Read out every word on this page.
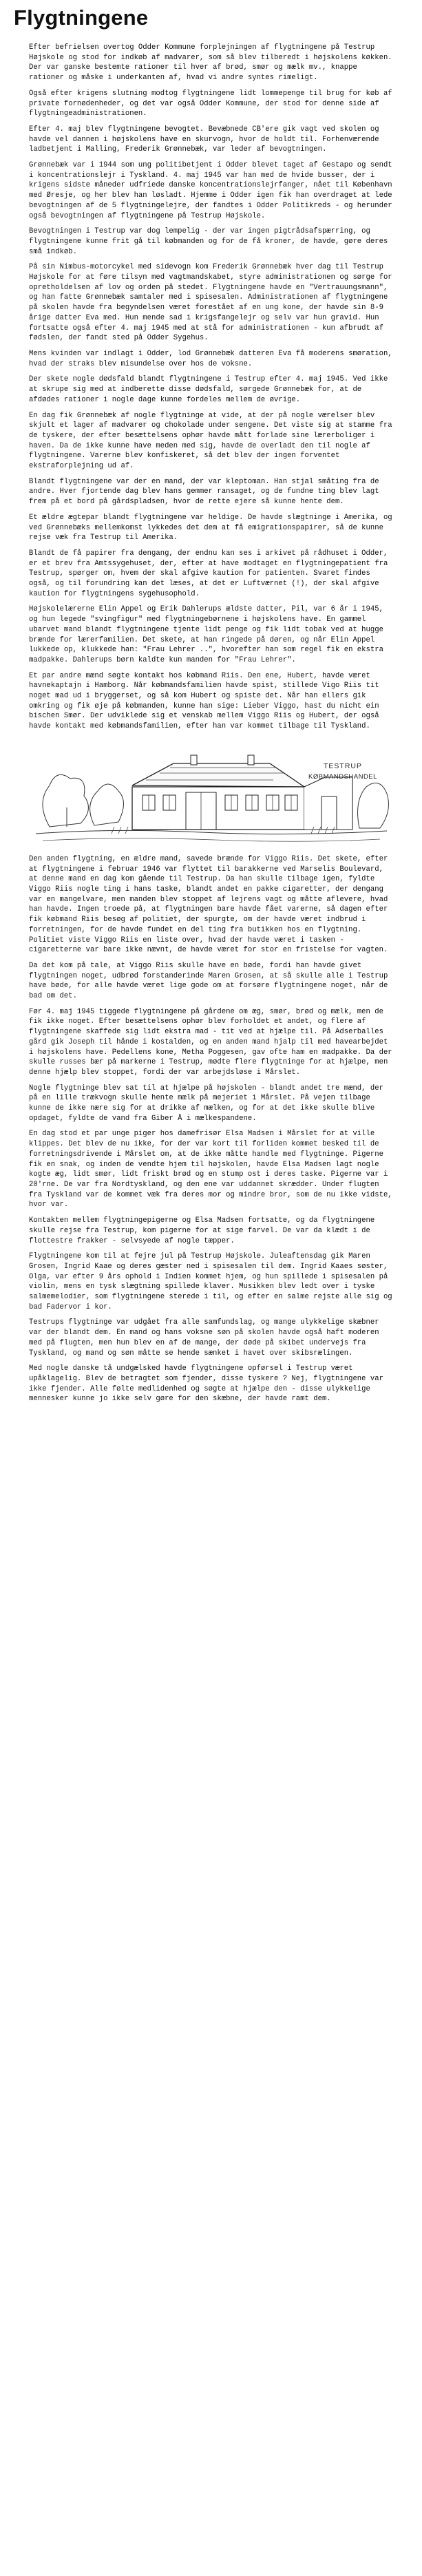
Flygtningene

Efter befrielsen overtog Odder Kommune forplejningen af flygtningene på Testrup Højskole og stod for indkøb af madvarer, som så blev tilberedt i højskolens køkken. Der var ganske bestemte rationer til hver af brød, smør og mælk mv., knappe rationer og måske i underkanten af, hvad vi andre syntes rimeligt.

Også efter krigens slutning modtog flygtningene lidt lommepenge til brug for køb af private fornødenheder, og det var også Odder Kommune, der stod for denne side af flygtningeadministrationen.

Efter 4. maj blev flygtningene bevogtet. Bevæbnede CB'ere gik vagt ved skolen og havde vel dannen i højskolens have en skurvogn, hvor de holdt til. Forhenværende ladbetjent i Malling, Frederik Grønnebæk, var leder af bevogtningen.

Grønnebæk var i 1944 som ung politibetjent i Odder blevet taget af Gestapo og sendt i koncentrationslejr i Tyskland. 4. maj 1945 var han med de hvide busser, der i krigens sidste måneder udfriede danske koncentrationslejrfanger, nået til København med Øresje, og her blev han løsladt. Hjemme i Odder igen fik han overdraget at lede bevogtningen af de 5 flygtningelejre, der fandtes i Odder Politikreds - og herunder også bevogtningen af flygtningene på Testrup Højskole.

Bevogtningen i Testrup var dog lempelig - der var ingen pigtrådsafspærring, og flygtningene kunne frit gå til købmanden og for de få kroner, de havde, gøre deres små indkøb.

På sin Nimbus-motorcykel med sidevogn kom Frederik Grønnebæk hver dag til Testrup Højskole for at føre tilsyn med vagtmandskabet, styre administrationen og sørge for opretholdelsen af lov og orden på stedet. Flygtningene havde en "Vertrauungsmann", og han fatte Grønnebæk samtaler med i spisesalen. Administrationen af flygtningene på skolen havde fra begyndelsen været forestået af en ung kone, der havde sin 8-9 årige datter Eva med. Hun mende sad i krigsfangelejr og selv var hun gravid. Hun fortsatte også efter 4. maj 1945 med at stå for administrationen - kun afbrudt af fødslen, der fandt sted på Odder Sygehus.

Mens kvinden var indlagt i Odder, lod Grønnebæk datteren Eva få moderens smøration, hvad der straks blev misundelse over hos de voksne.

Der skete nogle dødsfald blandt flygtningene i Testrup efter 4. maj 1945. Ved ikke at skrupe sig med at indberette disse dødsfald, sørgede Grønnebæk for, at de afdødes rationer i nogle dage kunne fordeles mellem de øvrige.

En dag fik Grønnebæk af nogle flygtninge at vide, at der på nogle værelser blev skjult et lager af madvarer og chokolade under sengene. Det viste sig at stamme fra de tyskere, der efter besættelsens ophør havde mått forlade sine lærerboliger i haven. Da de ikke kunne have meden med sig, havde de overladt den til nogle af flygtningene. Varerne blev konfiskeret, så det blev der ingen forventet ekstraforplejning ud af.

Blandt flygtningene var der en mand, der var kleptoman. Han stjal småting fra de andre. Hver fjortende dag blev hans gemmer ransaget, og de fundne ting blev lagt frem på et bord på gårdspladsen, hvor de rette ejere så kunne hente dem.

Et ældre ægtepar blandt flygtningene var heldige. De havde slægtninge i Amerika, og ved Grønnebæks mellemkomst lykkedes det dem at få emigrationspapirer, så de kunne rejse væk fra Testrup til Amerika.

Blandt de få papirer fra dengang, der endnu kan ses i arkivet på rådhuset i Odder, er et brev fra Amtssygehuset, der, efter at have modtaget en flygtningepatient fra Testrup, spørger om, hvem der skal afgive kaution for patienten. Svaret findes også, og til forundring kan det læses, at det er Luftværnet (!), der skal afgive kaution for flygtningens sygehusophold.

Højskolelærerne Elin Appel og Erik Dahlerups ældste datter, Pil, var 6 år i 1945, og hun legede "svingfigur" med flygtningebørnene i højskolens have. En gammel ubarvet mand blandt flygtningene tjente lidt penge og fik lidt tobak ved at hugge brænde for lærerfamilien. Det skete, at han ringede på døren, og når Elin Appel lukkede op, klukkede han: "Frau Lehrer ..", hvorefter han som regel fik en ekstra madpakke. Dahlerups børn kaldte kun manden for "Frau Lehrer".

Et par andre mænd søgte kontakt hos købmand Riis. Den ene, Hubert, havde været havnekaptajn i Hamborg. Når købmandsfamilien havde spist, stillede Vigo Riis tit noget mad ud i bryggerset, og så kom Hubert og spiste det. Når han ellers gik omkring og fik øje på købmanden, kunne han sige: Lieber Viggo, hast du nicht ein bischen Smør. Der udviklede sig et venskab mellem Viggo Riis og Hubert, der også havde kontakt med købmandsfamilien, efter han var kommet tilbage til Tyskland.

TESTRUP
KØBMANDSHANDEL

Den anden flygtning, en ældre mand, savede brænde for Viggo Riis. Det skete, efter at flygtningene i februar 1946 var flyttet til barakkerne ved Marselis Boulevard, at denne mand en dag kom gående til Testrup. Da han skulle tilbage igen, fyldte Viggo Riis nogle ting i hans taske, blandt andet en pakke cigaretter, der dengang var en mangelvare, men manden blev stoppet af lejrens vagt og måtte aflevere, hvad han havde. Ingen troede på, at flygtningen bare havde fået varerne, så dagen efter fik købmand Riis besøg af politiet, der spurgte, om der havde været indbrud i forretningen, for de havde fundet en del ting fra butikken hos en flygtning. Politiet viste Viggo Riis en liste over, hvad der havde været i tasken - cigaretterne var bare ikke nævnt, de havde været for stor en fristelse for vagten.

Da det kom på tale, at Viggo Riis skulle have en bøde, fordi han havde givet flygtningen noget, udbrød forstanderinde Maren Grosen, at så skulle alle i Testrup have bøde, for alle havde været lige gode om at forsøre flygtningene noget, når de bad om det.

Før 4. maj 1945 tiggede flygtningene på gårdene om æg, smør, brød og mælk, men de fik ikke noget. Efter besættelsens ophør blev forholdet et andet, og flere af flygtningene skaffede sig lidt ekstra mad - tit ved at hjælpe til. På Adserballes gård gik Joseph til hånde i kostalden, og en anden mand hjalp til med havearbejdet i højskolens have. Pedellens kone, Metha Poggesen, gav ofte ham en madpakke. Da der skulle russes bær på markerne i Testrup, mødte flere flygtninge for at hjælpe, men denne hjælp blev stoppet, fordi der var arbejdsløse i Mårslet.

Nogle flygtninge blev sat til at hjælpe på højskolen - blandt andet tre mænd, der på en lille trækvogn skulle hente mælk på mejeriet i Mårslet. På vejen tilbage kunne de ikke nære sig for at drikke af mælken, og for at det ikke skulle blive opdaget, fyldte de vand fra Giber Å i mælkespandene.

En dag stod et par unge piger hos damefrisør Elsa Madsen i Mårslet for at ville klippes. Det blev de nu ikke, for der var kort til forliden kommet besked til de forretningsdrivende i Mårslet om, at de ikke måtte handle med flygtninge. Pigerne fik en snak, og inden de vendte hjem til højskolen, havde Elsa Madsen lagt nogle kogte æg, lidt smør, lidt friskt brød og en stump ost i deres taske. Pigerne var i 20'rne. De var fra Nordtyskland, og den ene var uddannet skrædder. Under flugten fra Tyskland var de kommet væk fra deres mor og mindre bror, som de nu ikke vidste, hvor var.

Kontakten mellem flygtningepigerne og Elsa Madsen fortsatte, og da flygtningene skulle rejse fra Testrup, kom pigerne for at sige farvel. De var da klædt i de flottestre frakker - selvsyede af nogle tæpper.

Flygtningene kom til at fejre jul på Testrup Højskole. Juleaftensdag gik Maren Grosen, Ingrid Kaae og deres gæster ned i spisesalen til dem. Ingrid Kaaes søster, Olga, var efter 9 års ophold i Indien kommet hjem, og hun spillede i spisesalen på violin, mens en tysk slægtning spillede klaver. Musikken blev ledt over i tyske salmemelodier, som flygtningene sterede i til, og efter en salme rejste alle sig og bad Fadervor i kor.

Testrups flygtninge var udgået fra alle samfundslag, og mange ulykkelige skæbner var der blandt dem. En mand og hans voksne søn på skolen havde også haft moderen med på flugten, men hun blev en af de mange, der døde på skibet undervejs fra Tyskland, og mand og søn måtte se hende sænket i havet over skibsrælingen.

Med nogle danske tå undgælsked havde flygtningene opførsel i Testrup været upåklagelig. Blev de betragtet som fjender, disse tyskere ? Nej, flygtningene var ikke fjender. Alle følte medlidenhed og søgte at hjælpe den - disse ulykkelige mennesker kunne jo ikke selv gøre for den skæbne, der havde ramt dem.
